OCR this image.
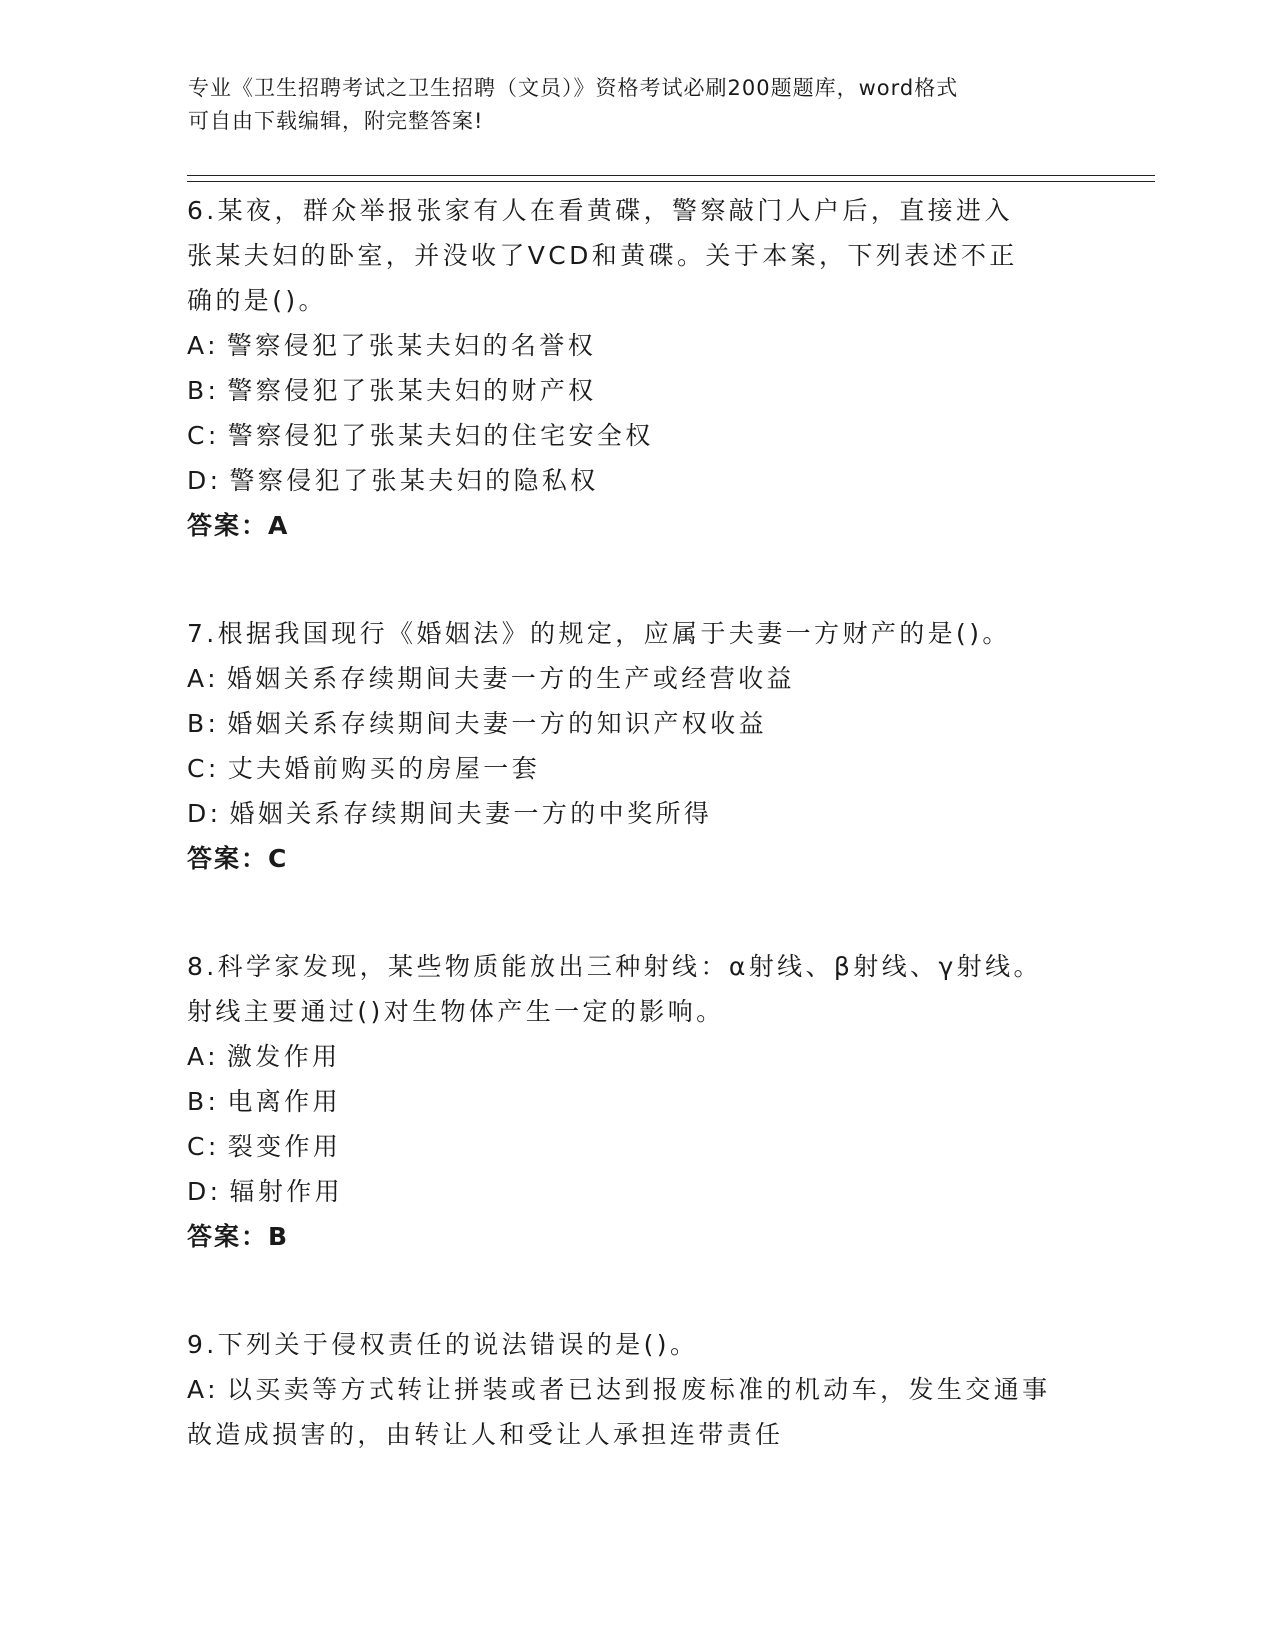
专业《卫生招聘考试之卫生招聘（文员）》资格考试必刷200题题库，word格式
可自由下载编辑，附完整答案!
6.某夜，群众举报张家有人在看黄碟，警察敲门人户后，直接进入张某夫妇的卧室，并没收了VCD和黄碟。关于本案，下列表述不正确的是()。
A: 警察侵犯了张某夫妇的名誉权
B: 警察侵犯了张某夫妇的财产权
C: 警察侵犯了张某夫妇的住宅安全权
D: 警察侵犯了张某夫妇的隐私权
答案：A
7.根据我国现行《婚姻法》的规定，应属于夫妻一方财产的是()。
A: 婚姻关系存续期间夫妻一方的生产或经营收益
B: 婚姻关系存续期间夫妻一方的知识产权收益
C: 丈夫婚前购买的房屋一套
D: 婚姻关系存续期间夫妻一方的中奖所得
答案：C
8.科学家发现，某些物质能放出三种射线：α射线、β射线、γ射线。射线主要通过()对生物体产生一定的影响。
A: 激发作用
B: 电离作用
C: 裂变作用
D: 辐射作用
答案：B
9.下列关于侵权责任的说法错误的是()。
A: 以买卖等方式转让拼装或者已达到报废标准的机动车，发生交通事故造成损害的，由转让人和受让人承担连带责任
